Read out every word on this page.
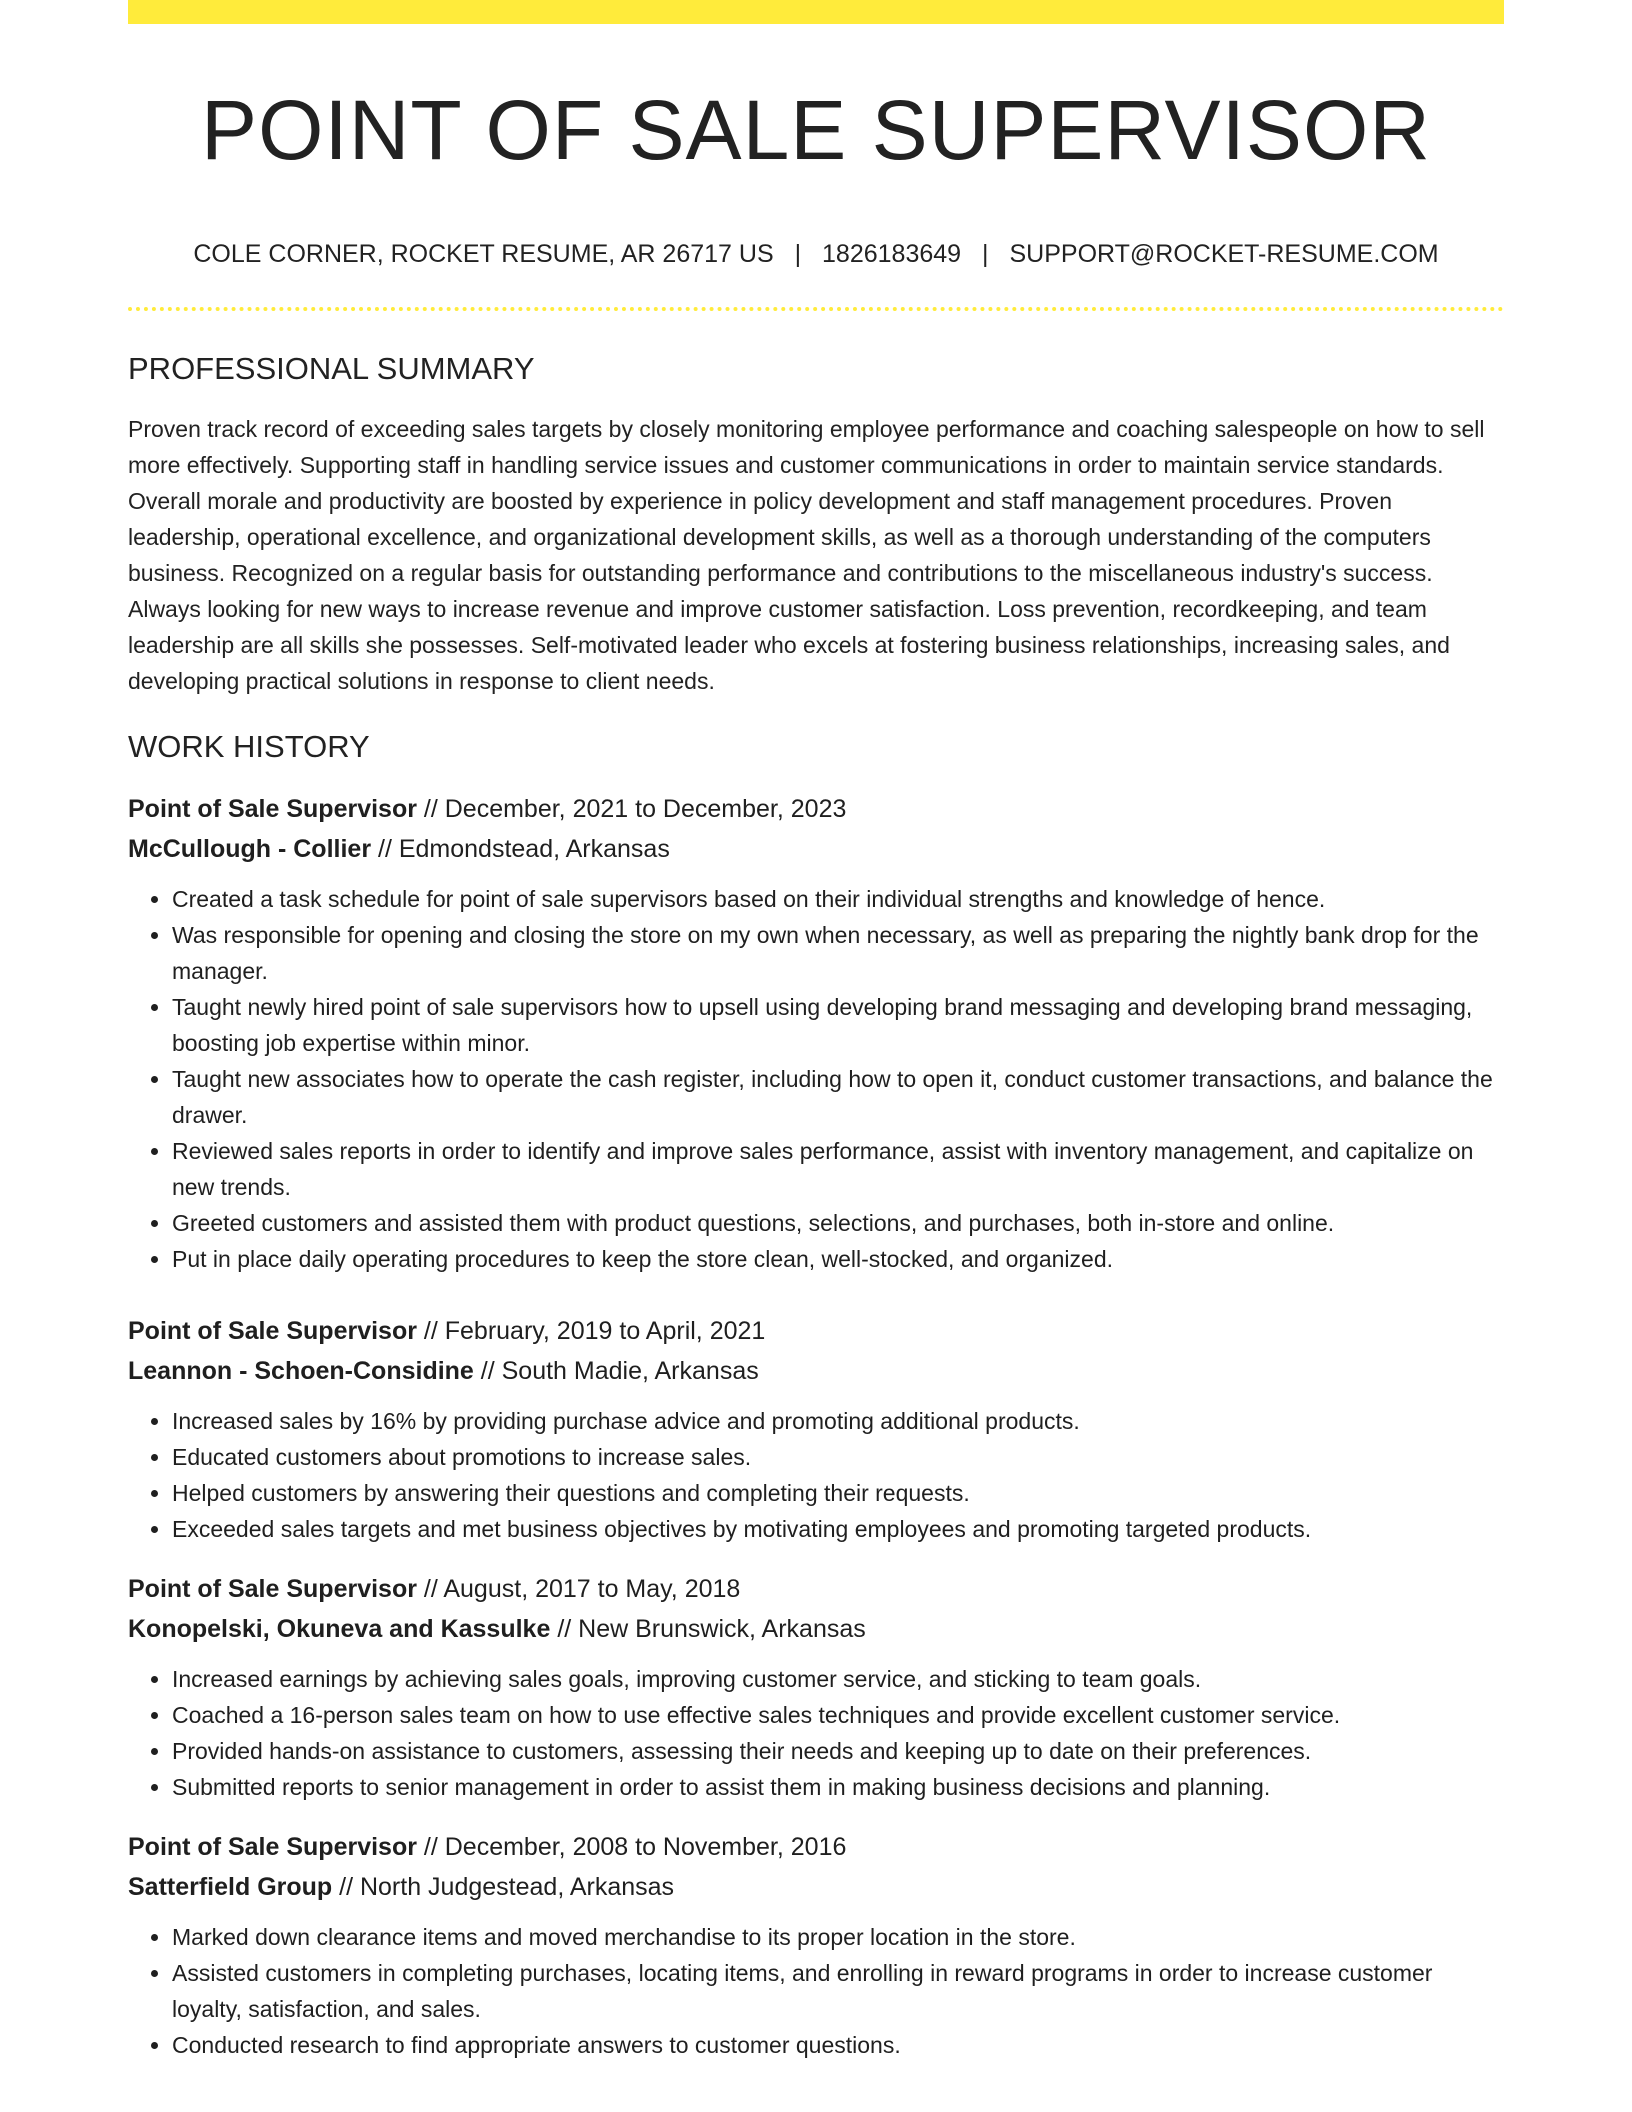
POINT OF SALE SUPERVISOR
COLE CORNER, ROCKET RESUME, AR 26717 US | 1826183649 | SUPPORT@ROCKET-RESUME.COM
PROFESSIONAL SUMMARY

Proven track record of exceeding sales targets by closely monitoring employee performance and coaching salespeople on how to sell more effectively. Supporting staff in handling service issues and customer communications in order to maintain service standards. Overall morale and productivity are boosted by experience in policy development and staff management procedures. Proven leadership, operational excellence, and organizational development skills, as well as a thorough understanding of the computers business. Recognized on a regular basis for outstanding performance and contributions to the miscellaneous industry's success. Always looking for new ways to increase revenue and improve customer satisfaction. Loss prevention, recordkeeping, and team leadership are all skills she possesses. Self-motivated leader who excels at fostering business relationships, increasing sales, and developing practical solutions in response to client needs.

WORK HISTORY
Point of Sale Supervisor // December, 2021 to December, 2023
McCullough - Collier // Edmondstead, Arkansas
• Created a task schedule for point of sale supervisors based on their individual strengths and knowledge of hence.
• Was responsible for opening and closing the store on my own when necessary, as well as preparing the nightly bank drop for the manager.
• Taught newly hired point of sale supervisors how to upsell using developing brand messaging and developing brand messaging, boosting job expertise within minor.
• Taught new associates how to operate the cash register, including how to open it, conduct customer transactions, and balance the drawer.
• Reviewed sales reports in order to identify and improve sales performance, assist with inventory management, and capitalize on new trends.
• Greeted customers and assisted them with product questions, selections, and purchases, both in-store and online.
• Put in place daily operating procedures to keep the store clean, well-stocked, and organized.
Point of Sale Supervisor // February, 2019 to April, 2021
Leannon - Schoen-Considine // South Madie, Arkansas
• Increased sales by 16% by providing purchase advice and promoting additional products.
• Educated customers about promotions to increase sales.
• Helped customers by answering their questions and completing their requests.
• Exceeded sales targets and met business objectives by motivating employees and promoting targeted products.
Point of Sale Supervisor // August, 2017 to May, 2018
Konopelski, Okuneva and Kassulke // New Brunswick, Arkansas
• Increased earnings by achieving sales goals, improving customer service, and sticking to team goals.
• Coached a 16-person sales team on how to use effective sales techniques and provide excellent customer service.
• Provided hands-on assistance to customers, assessing their needs and keeping up to date on their preferences.
• Submitted reports to senior management in order to assist them in making business decisions and planning.
Point of Sale Supervisor // December, 2008 to November, 2016
Satterfield Group // North Judgestead, Arkansas
• Marked down clearance items and moved merchandise to its proper location in the store.
• Assisted customers in completing purchases, locating items, and enrolling in reward programs in order to increase customer loyalty, satisfaction, and sales.
• Conducted research to find appropriate answers to customer questions.
